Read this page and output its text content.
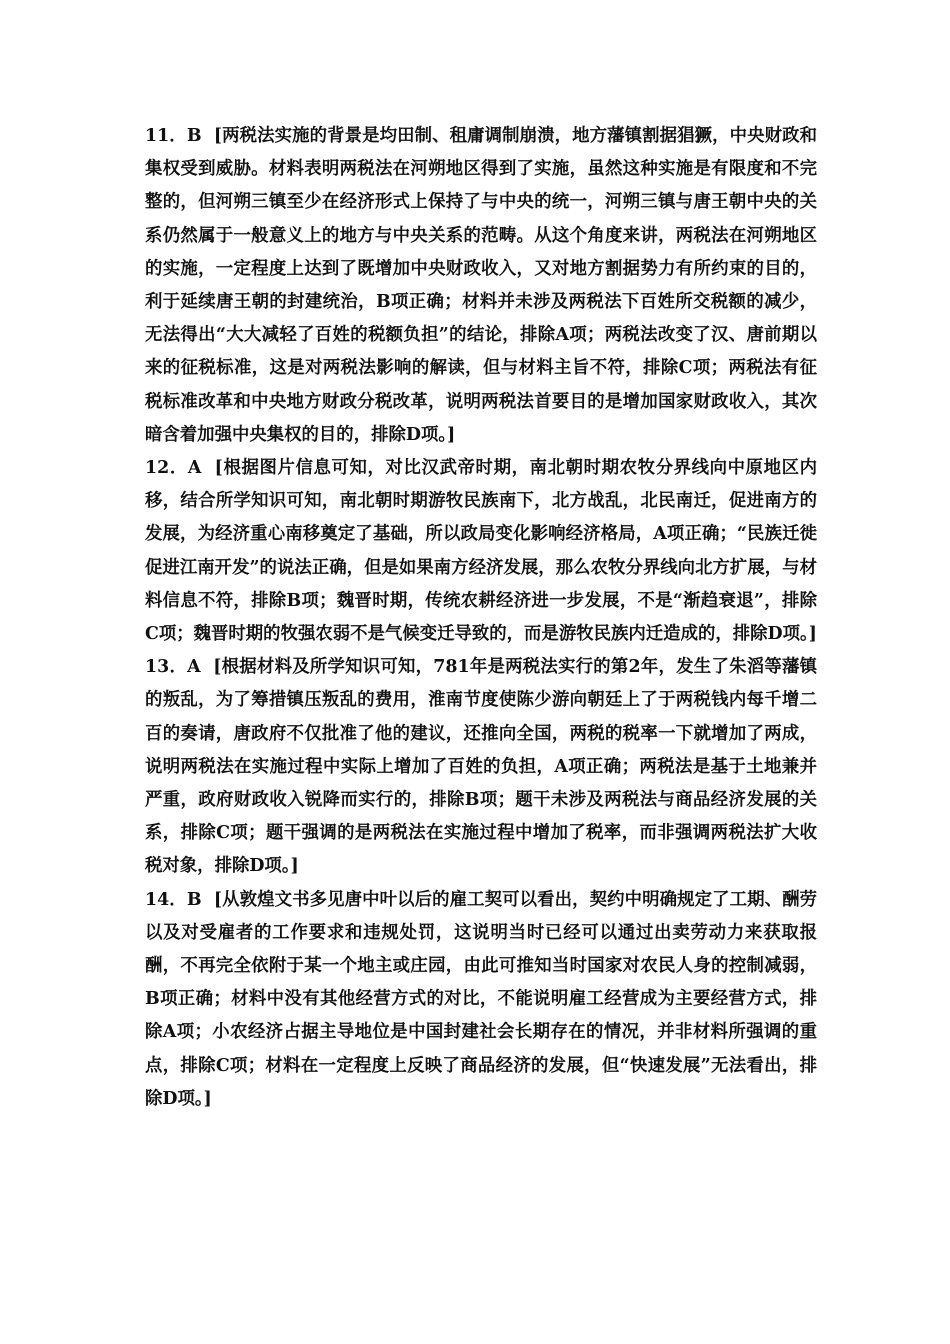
11．B [两税法实施的背景是均田制、租庸调制崩溃，地方藩镇割据猖獗，中央财政和集权受到威胁。材料表明两税法在河朔地区得到了实施，虽然这种实施是有限度和不完整的，但河朔三镇至少在经济形式上保持了与中央的统一，河朔三镇与唐王朝中央的关系仍然属于一般意义上的地方与中央关系的范畴。从这个角度来讲，两税法在河朔地区的实施，一定程度上达到了既增加中央财政收入，又对地方割据势力有所约束的目的，利于延续唐王朝的封建统治，B项正确；材料并未涉及两税法下百姓所交税额的减少，无法得出“大大减轻了百姓的税额负担”的结论，排除A项；两税法改变了汉、唐前期以来的征税标准，这是对两税法影响的解读，但与材料主旨不符，排除C项；两税法有征税标准改革和中央地方财政分税改革，说明两税法首要目的是增加国家财政收入，其次暗含着加强中央集权的目的，排除D项。]

12．A [根据图片信息可知，对比汉武帝时期，南北朝时期农牧分界线向中原地区内移，结合所学知识可知，南北朝时期游牧民族南下，北方战乱，北民南迁，促进南方的发展，为经济重心南移奠定了基础，所以政局变化影响经济格局，A项正确；“民族迁徙促进江南开发”的说法正确，但是如果南方经济发展，那么农牧分界线向北方扩展，与材料信息不符，排除B项；魏晋时期，传统农耕经济进一步发展，不是“渐趋衰退”，排除C项；魏晋时期的牧强农弱不是气候变迁导致的，而是游牧民族内迁造成的，排除D项。]

13．A [根据材料及所学知识可知，781年是两税法实行的第2年，发生了朱滔等藩镇的叛乱，为了筹措镇压叛乱的费用，淮南节度使陈少游向朝廷上了于两税钱内每千增二百的奏请，唐政府不仅批准了他的建议，还推向全国，两税的税率一下就增加了两成，说明两税法在实施过程中实际上增加了百姓的负担，A项正确；两税法是基于土地兼并严重，政府财政收入锐降而实行的，排除B项；题干未涉及两税法与商品经济发展的关系，排除C项；题干强调的是两税法在实施过程中增加了税率，而非强调两税法扩大收税对象，排除D项。]

14．B [从敦煌文书多见唐中叶以后的雇工契可以看出，契约中明确规定了工期、酬劳以及对受雇者的工作要求和违规处罚，这说明当时已经可以通过出卖劳动力来获取报酬，不再完全依附于某一个地主或庄园，由此可推知当时国家对农民人身的控制减弱，B项正确；材料中没有其他经营方式的对比，不能说明雇工经营成为主要经营方式，排除A项；小农经济占据主导地位是中国封建社会长期存在的情况，并非材料所强调的重点，排除C项；材料在一定程度上反映了商品经济的发展，但“快速发展”无法看出，排除D项。]
